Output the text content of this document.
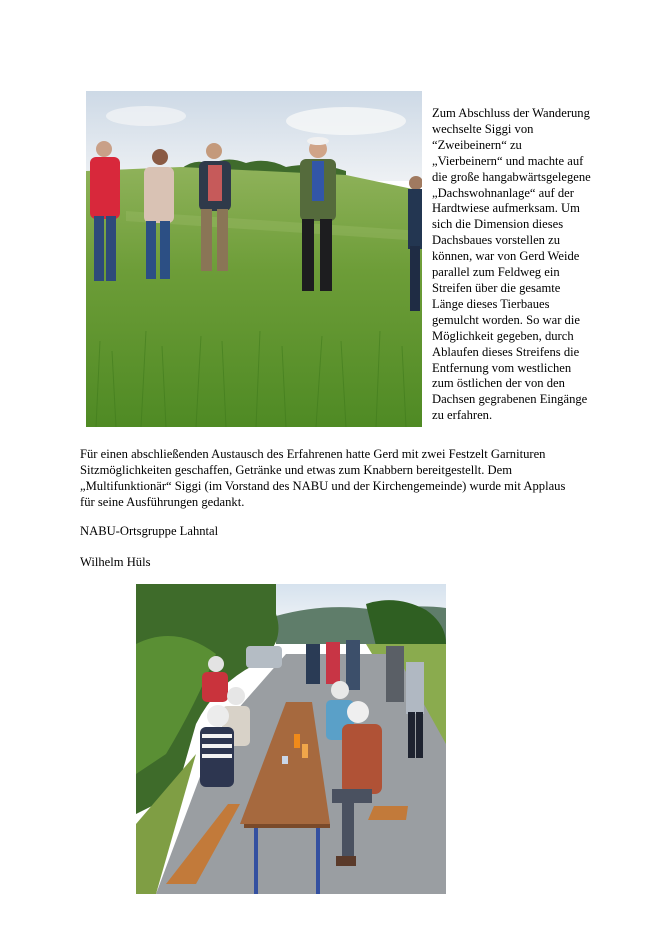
Zum Abschluss der Wanderung
wechselte Siggi von
“Zweibeinern“ zu
„Vierbeinern“ und machte auf
die große hangabwärtsgelegene
„Dachswohnanlage“ auf der
Hardtwiese aufmerksam. Um
sich die Dimension dieses
Dachsbaues vorstellen zu
können, war von Gerd Weide
parallel zum Feldweg ein
Streifen über die gesamte
Länge dieses Tierbaues
gemulcht worden. So war die
Möglichkeit gegeben, durch
Ablaufen dieses Streifens die
Entfernung vom westlichen
zum östlichen der von den
Dachsen gegrabenen Eingänge
zu erfahren.
Für einen abschließenden Austausch des Erfahrenen hatte Gerd mit zwei Festzelt Garnituren
Sitzmöglichkeiten geschaffen, Getränke und etwas zum Knabbern bereitgestellt. Dem
„Multifunktionär“ Siggi (im Vorstand des NABU und der Kirchengemeinde) wurde mit Applaus
für seine Ausführungen gedankt.
NABU-Ortsgruppe Lahntal
Wilhelm Hüls
